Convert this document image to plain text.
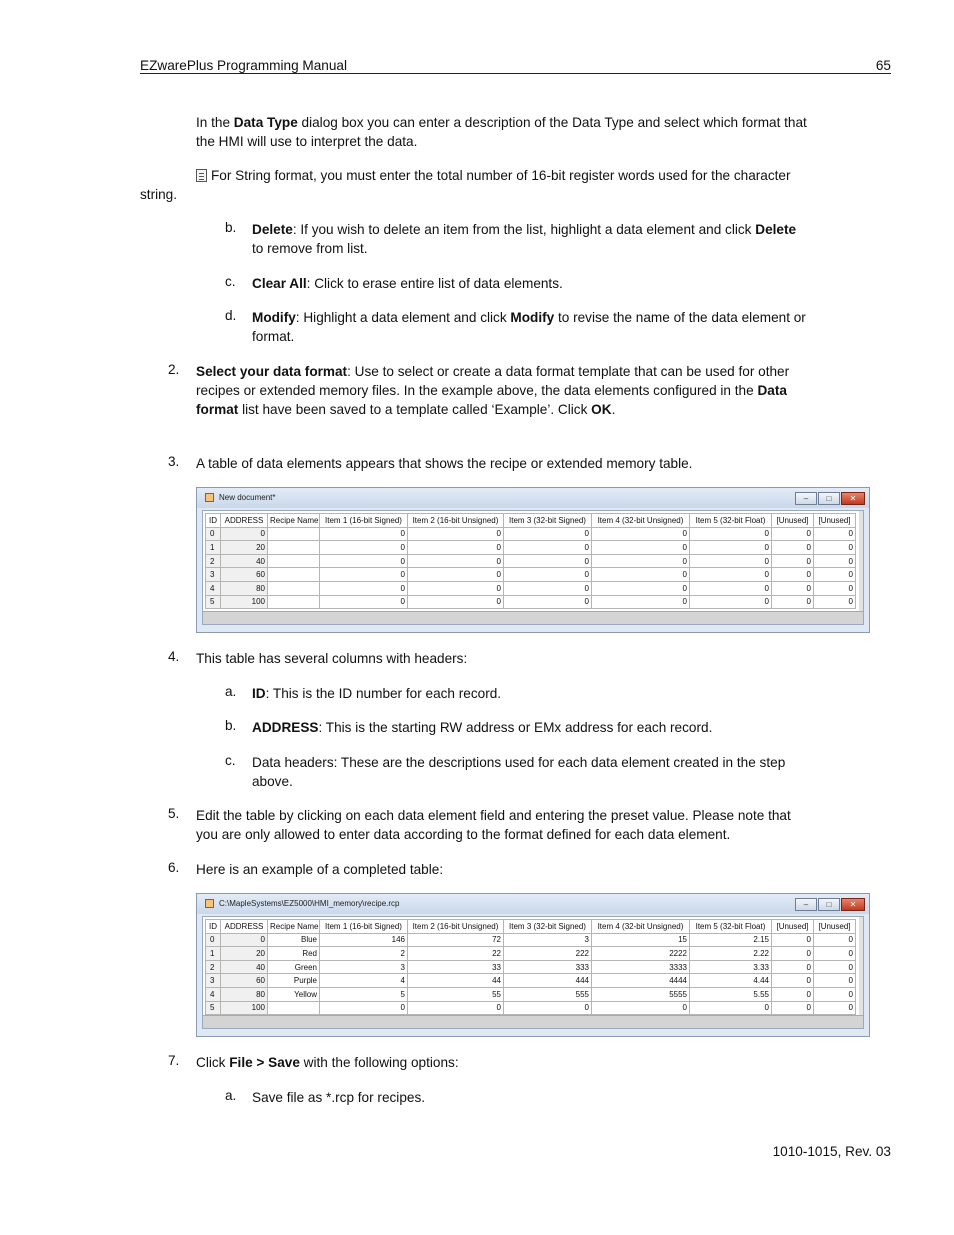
EZwarePlus Programming Manual	65
In the Data Type dialog box you can enter a description of the Data Type and select which format that
the HMI will use to interpret the data.
For String format, you must enter the total number of 16-bit register words used for the character
string.
b. Delete: If you wish to delete an item from the list, highlight a data element and click Delete
to remove from list.
c. Clear All: Click to erase entire list of data elements.
d. Modify: Highlight a data element and click Modify to revise the name of the data element or
format.
2. Select your data format: Use to select or create a data format template that can be used for other
recipes or extended memory files. In the example above, the data elements configured in the Data
format list have been saved to a template called ‘Example’. Click OK.
3. A table of data elements appears that shows the recipe or extended memory table.
New document*	–	□	✕
ID	ADDRESS	Recipe Name	Item 1 (16-bit Signed)	Item 2 (16-bit Unsigned)	Item 3 (32-bit Signed)	Item 4 (32-bit Unsigned)	Item 5 (32-bit Float)	[Unused]	[Unused]
0	0		0	0	0	0	0	0	0
1	20		0	0	0	0	0	0	0
2	40		0	0	0	0	0	0	0
3	60		0	0	0	0	0	0	0
4	80		0	0	0	0	0	0	0
5	100		0	0	0	0	0	0	0
4. This table has several columns with headers:
a. ID: This is the ID number for each record.
b. ADDRESS: This is the starting RW address or EMx address for each record.
c. Data headers: These are the descriptions used for each data element created in the step
above.
5. Edit the table by clicking on each data element field and entering the preset value. Please note that
you are only allowed to enter data according to the format defined for each data element.
6. Here is an example of a completed table:
C:\MapleSystems\EZ5000\HMI_memory\recipe.rcp	–	□	✕
ID	ADDRESS	Recipe Name	Item 1 (16-bit Signed)	Item 2 (16-bit Unsigned)	Item 3 (32-bit Signed)	Item 4 (32-bit Unsigned)	Item 5 (32-bit Float)	[Unused]	[Unused]
0	0	Blue	146	72	3	15	2.15	0	0
1	20	Red	2	22	222	2222	2.22	0	0
2	40	Green	3	33	333	3333	3.33	0	0
3	60	Purple	4	44	444	4444	4.44	0	0
4	80	Yellow	5	55	555	5555	5.55	0	0
5	100		0	0	0	0	0	0	0
7. Click File > Save with the following options:
a. Save file as *.rcp for recipes.
1010-1015, Rev. 03
